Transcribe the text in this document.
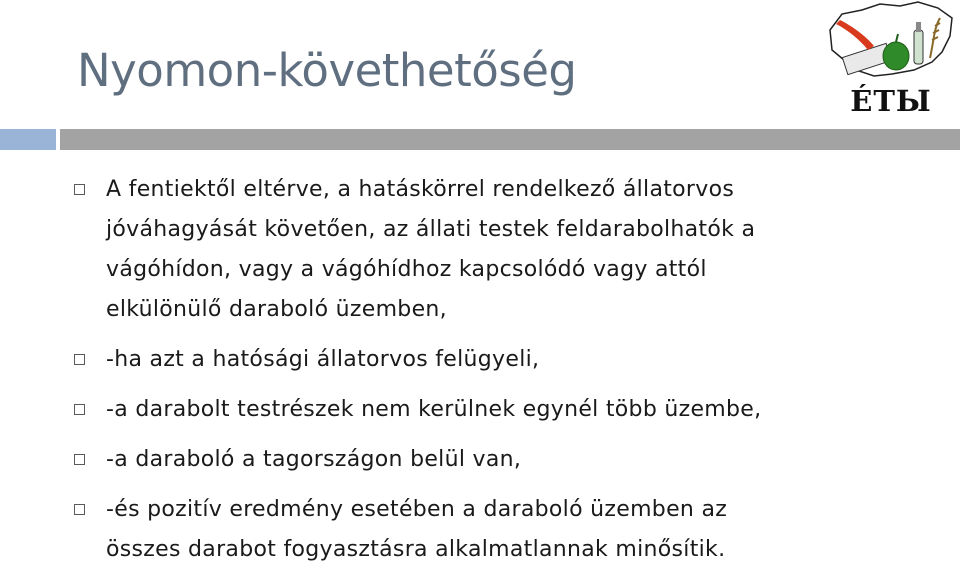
Nyomon-követhetőség
ÉTЫ
A fentiektől eltérve, a hatáskörrel rendelkező állatorvos
jóváhagyását követően, az állati testek feldarabolhatók a
vágóhídon, vagy a vágóhídhoz kapcsolódó vagy attól
elkülönülő daraboló üzemben,
-ha azt a hatósági állatorvos felügyeli,
-a darabolt testrészek nem kerülnek egynél több üzembe,
-a daraboló a tagországon belül van,
-és pozitív eredmény esetében a daraboló üzemben az
összes darabot fogyasztásra alkalmatlannak minősítik.
